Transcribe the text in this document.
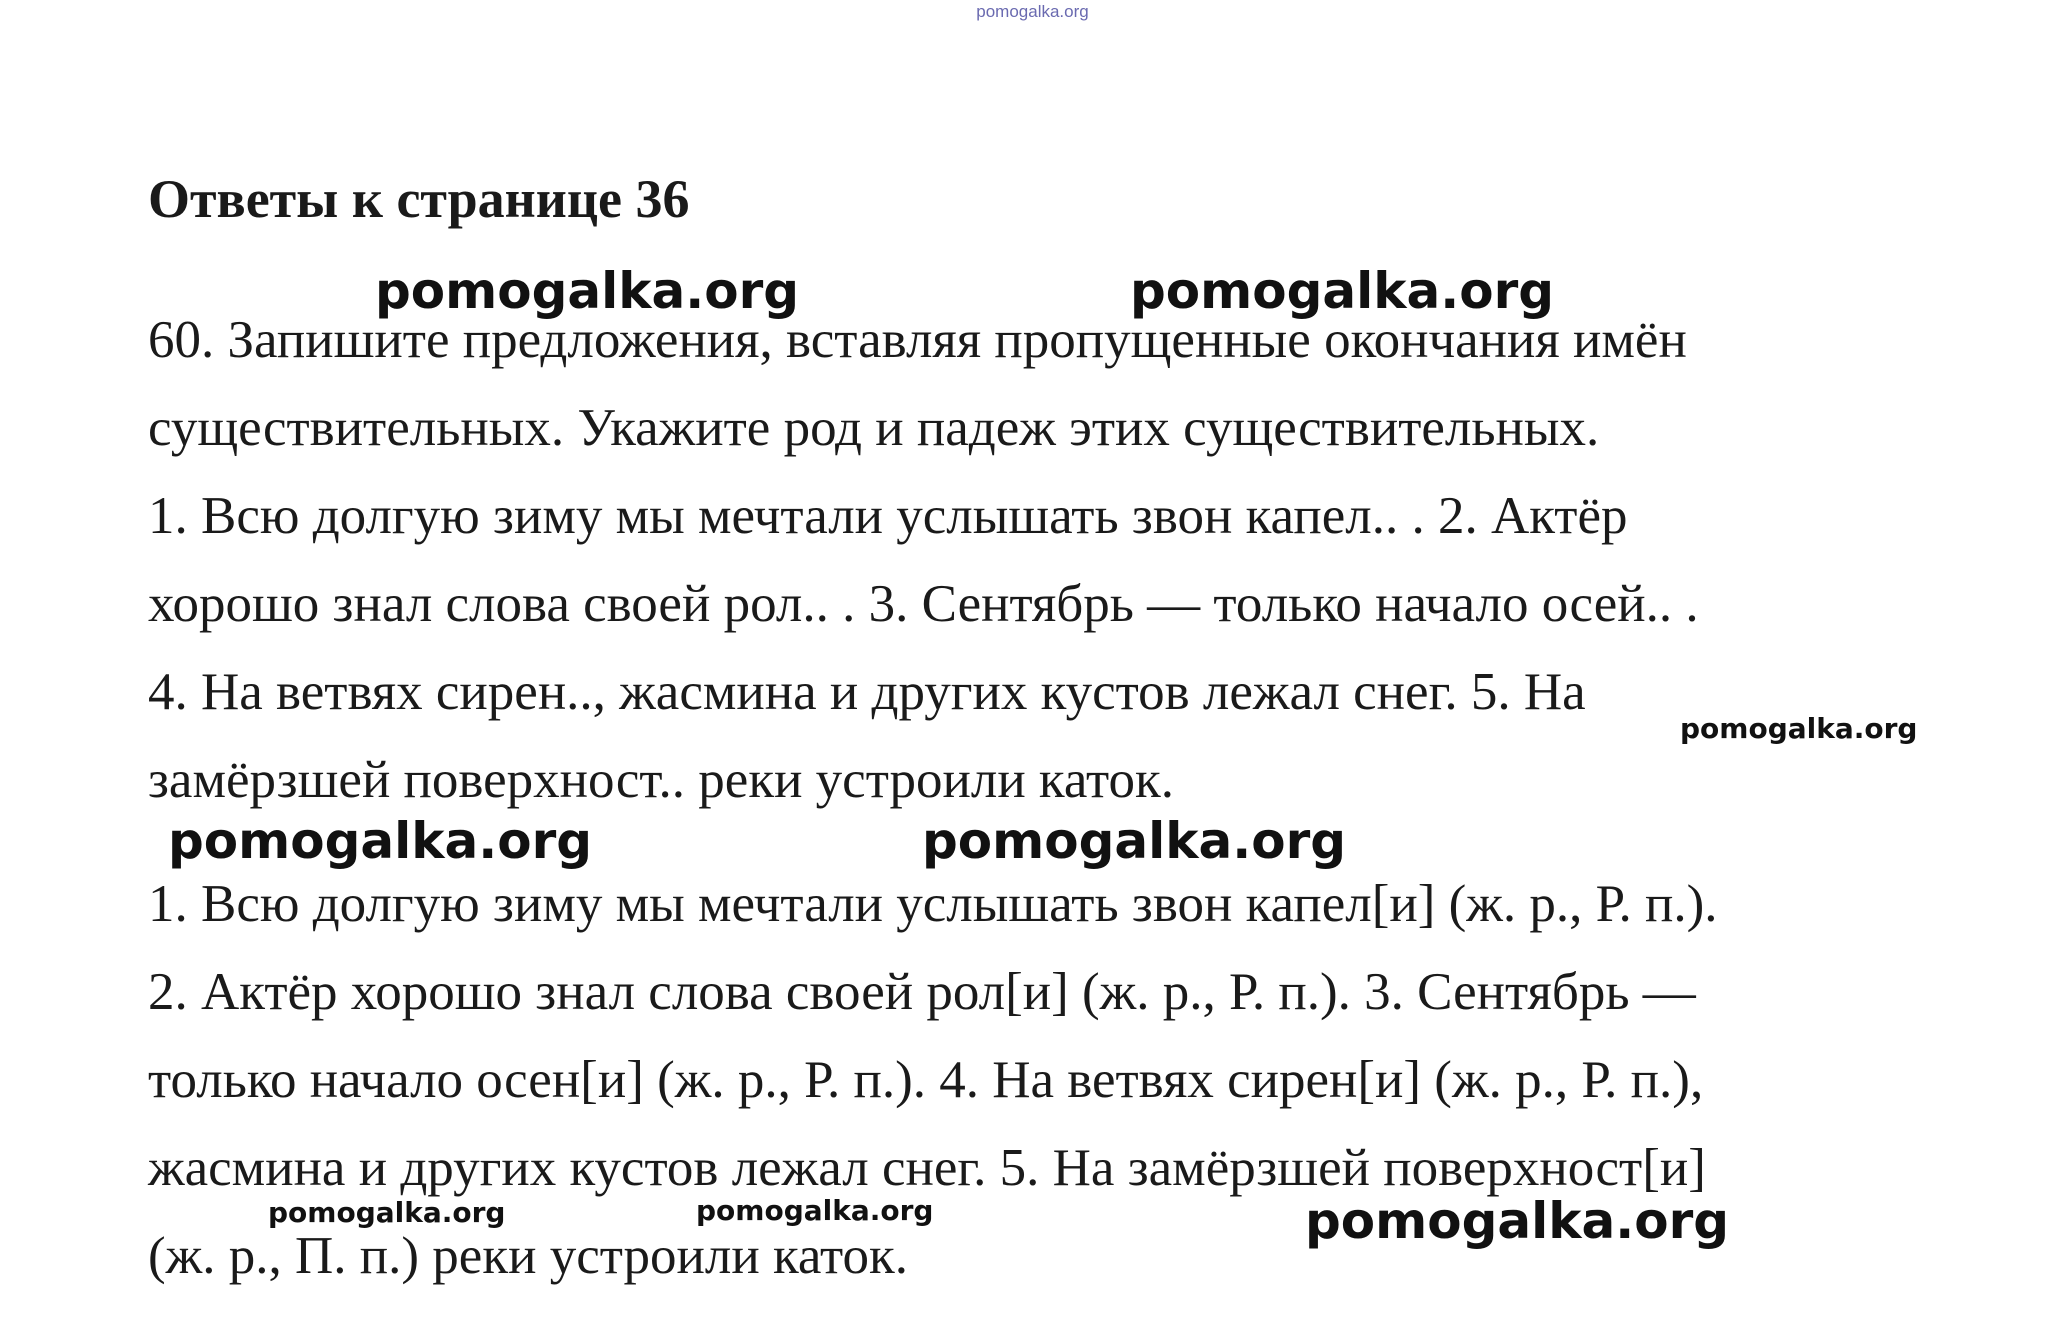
pomogalka.org
Ответы к странице 36

60. Запишите предложения, вставляя пропущенные окончания имён

существительных. Укажите род и падеж этих существительных.

1. Всю долгую зиму мы мечтали услышать звон капел.. . 2. Актёр

хорошо знал слова своей рол.. . 3. Сентябрь — только начало осей.. .

4. На ветвях сирен.., жасмина и других кустов лежал снег. 5. На

замёрзшей поверхност.. реки устроили каток.

1. Всю долгую зиму мы мечтали услышать звон капел[и] (ж. р., Р. п.).

2. Актёр хорошо знал слова своей рол[и] (ж. р., Р. п.). 3. Сентябрь —

только начало осен[и] (ж. р., Р. п.). 4. На ветвях сирен[и] (ж. р., Р. п.),

жасмина и других кустов лежал снег. 5. На замёрзшей поверхност[и]

(ж. р., П. п.) реки устроили каток.

pomogalka.org	pomogalka.org
pomogalka.org
pomogalka.org	pomogalka.org
pomogalka.org	pomogalka.org	pomogalka.org
